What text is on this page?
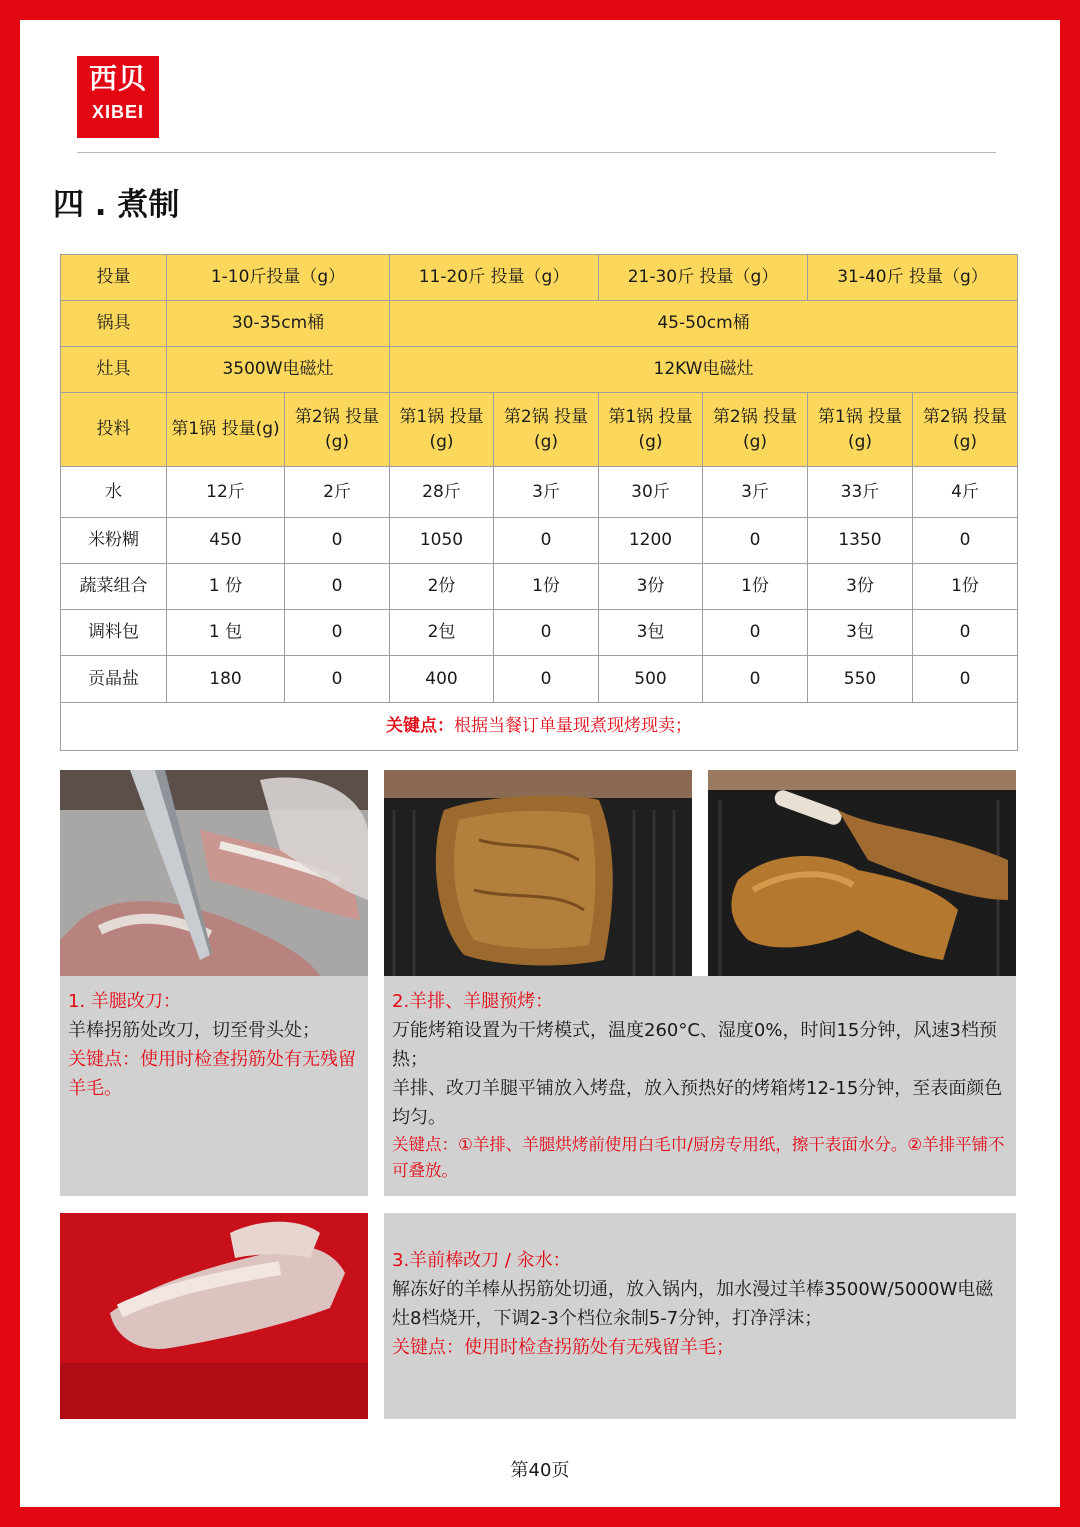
西贝
XIBEI
四 . 煮制
投量	1-10斤投量（g）		11-20斤 投量（g）		21-30斤 投量（g）		31-40斤 投量（g）	
锅具	30-35cm桶		45-50cm桶					
灶具	3500W电磁灶		12KW电磁灶					
投料	第1锅 投量(g)	第2锅 投量(g)	第1锅 投量(g)	第2锅 投量(g)	第1锅 投量(g)	第2锅 投量(g)	第1锅 投量(g)	第2锅 投量(g)
水	12斤	2斤	28斤	3斤	30斤	3斤	33斤	4斤
米粉糊	450	0	1050	0	1200	0	1350	0
蔬菜组合	1 份	0	2份	1份	3份	1份	3份	1份
调料包	1 包	0	2包	0	3包	0	3包	0
贡晶盐	180	0	400	0	500	0	550	0
关键点：根据当餐订单量现煮现烤现卖；								

1. 羊腿改刀：

羊棒拐筋处改刀，切至骨头处；

关键点：使用时检查拐筋处有无残留羊毛。

2.羊排、羊腿预烤：

万能烤箱设置为干烤模式，温度260°C、湿度0%，时间15分钟，风速3档预热；

羊排、改刀羊腿平铺放入烤盘，放入预热好的烤箱烤12-15分钟，至表面颜色均匀。

关键点：①羊排、羊腿烘烤前使用白毛巾/厨房专用纸，擦干表面水分。②羊排平铺不可叠放。

3.羊前棒改刀 / 汆水：

解冻好的羊棒从拐筋处切通，放入锅内，加水漫过羊棒3500W/5000W电磁灶8档烧开，下调2-3个档位汆制5-7分钟，打净浮沫；

关键点：使用时检查拐筋处有无残留羊毛；

第40页
